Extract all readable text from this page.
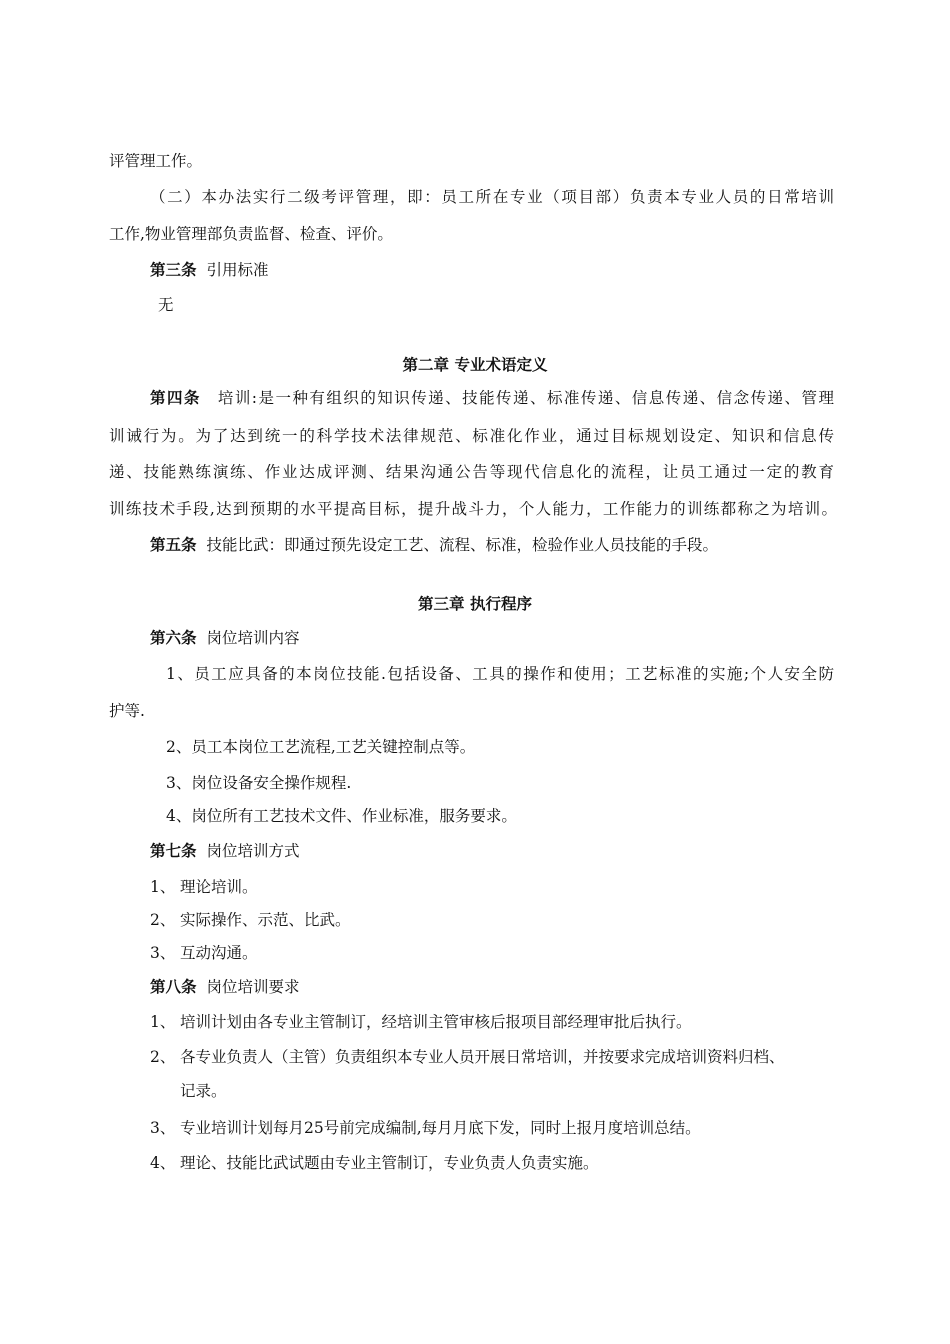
评管理工作。
（二）本办法实行二级考评管理，即：员工所在专业（项目部）负责本专业人员的日常培训
工作,物业管理部负责监督、检查、评价。
第三条 引用标准
无
第二章 专业术语定义
第四条　 培训:是一种有组织的知识传递、技能传递、标准传递、信息传递、信念传递、管理
训诫行为。为了达到统一的科学技术法律规范、标准化作业，通过目标规划设定、知识和信息传
递、技能熟练演练、作业达成评测、结果沟通公告等现代信息化的流程，让员工通过一定的教育
训练技术手段,达到预期的水平提高目标，提升战斗力，个人能力，工作能力的训练都称之为培训。
第五条 技能比武：即通过预先设定工艺、流程、标准，检验作业人员技能的手段。
第三章 执行程序
第六条 岗位培训内容
1、员工应具备的本岗位技能.包括设备、工具的操作和使用；工艺标准的实施;个人安全防
护等.
2、员工本岗位工艺流程,工艺关键控制点等。
3、岗位设备安全操作规程.
4、岗位所有工艺技术文件、作业标准，服务要求。
第七条 岗位培训方式
1、 理论培训。
2、 实际操作、示范、比武。
3、 互动沟通。
第八条 岗位培训要求
1、 培训计划由各专业主管制订，经培训主管审核后报项目部经理审批后执行。
2、 各专业负责人（主管）负责组织本专业人员开展日常培训，并按要求完成培训资料归档、
记录。
3、 专业培训计划每月25号前完成编制,每月月底下发，同时上报月度培训总结。
4、 理论、技能比武试题由专业主管制订，专业负责人负责实施。
